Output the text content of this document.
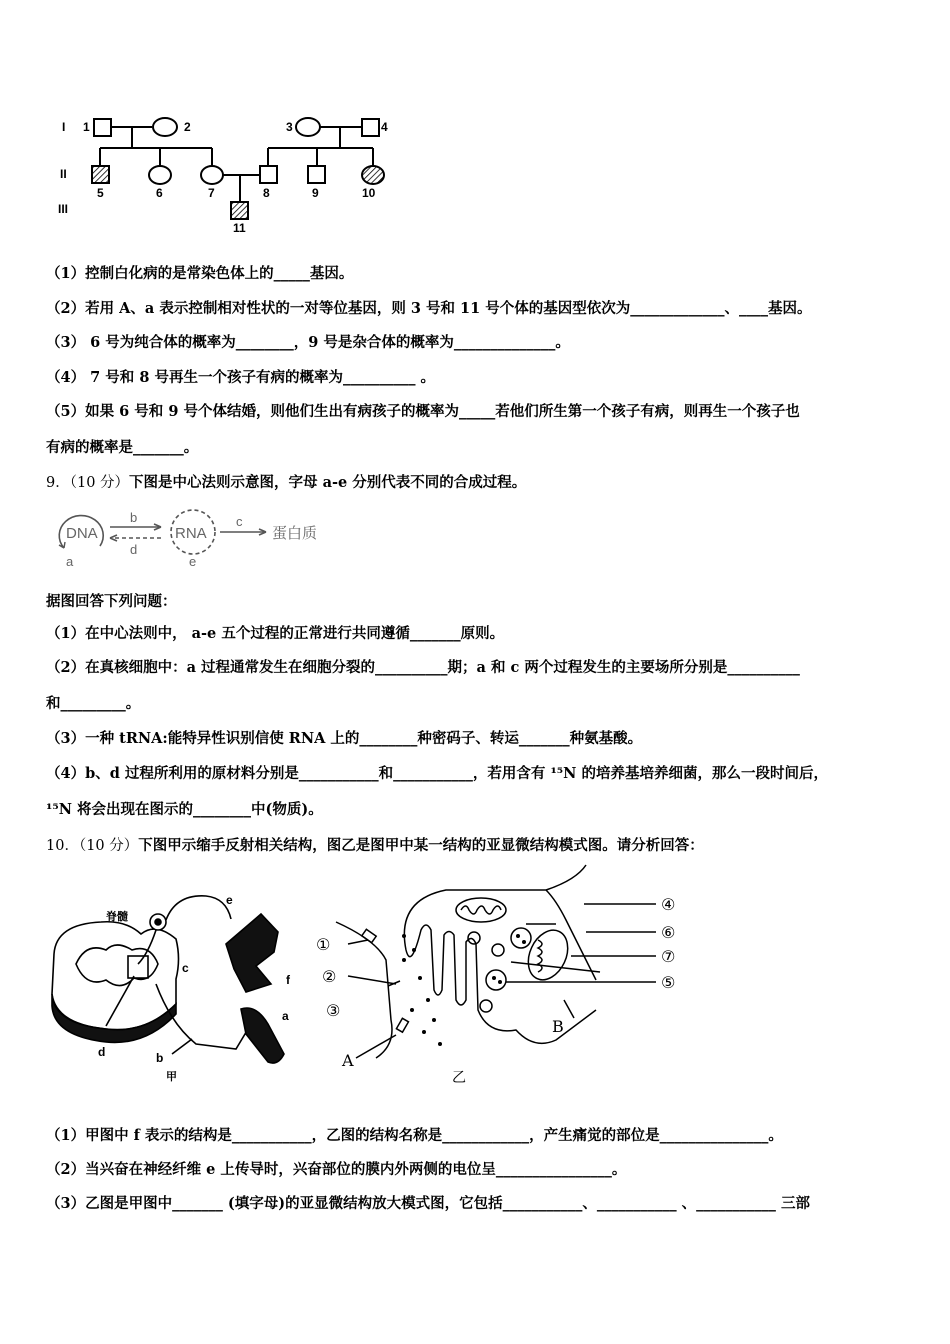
I
II
III
1	2	3	4
5	6	7	8	9	10
11
（1）控制白化病的是常染色体上的_____基因。
（2）若用 A、a 表示控制相对性状的一对等位基因，则 3 号和 11 号个体的基因型依次为_____________、____基因。
（3） 6 号为纯合体的概率为________，9 号是杂合体的概率为______________。
（4） 7 号和 8 号再生一个孩子有病的概率为__________ 。
（5）如果 6 号和 9 号个体结婚，则他们生出有病孩子的概率为_____若他们所生第一个孩子有病，则再生一个孩子也
有病的概率是_______。
9．（10 分）下图是中心法则示意图，字母 a-e 分别代表不同的合成过程。
DNA	RNA	蛋白质
a
b	c
d
e
据图回答下列问题：
（1）在中心法则中， a-e 五个过程的正常进行共同遵循_______原则。
（2）在真核细胞中：a 过程通常发生在细胞分裂的__________期；a 和 c 两个过程发生的主要场所分别是__________
和_________。
（3）一种 tRNA:能特异性识别信使 RNA 上的________种密码子、转运_______种氨基酸。
（4）b、d 过程所利用的原材料分别是___________和___________，若用含有 ¹⁵N 的培养基培养细菌，那么一段时间后，
¹⁵N 将会出现在图示的________中(物质)。
10．（10 分）下图甲示缩手反射相关结构，图乙是图甲中某一结构的亚显微结构模式图。请分析回答：
脊髓
e
c
f
a
d	b
甲
①
②
③
④
⑥
⑦
⑤
A
B
乙
（1）甲图中 f 表示的结构是___________，乙图的结构名称是____________，产生痛觉的部位是_______________。
（2）当兴奋在神经纤维 e 上传导时，兴奋部位的膜内外两侧的电位呈________________。
（3）乙图是甲图中_______ (填字母)的亚显微结构放大模式图，它包括___________、___________ 、___________ 三部
